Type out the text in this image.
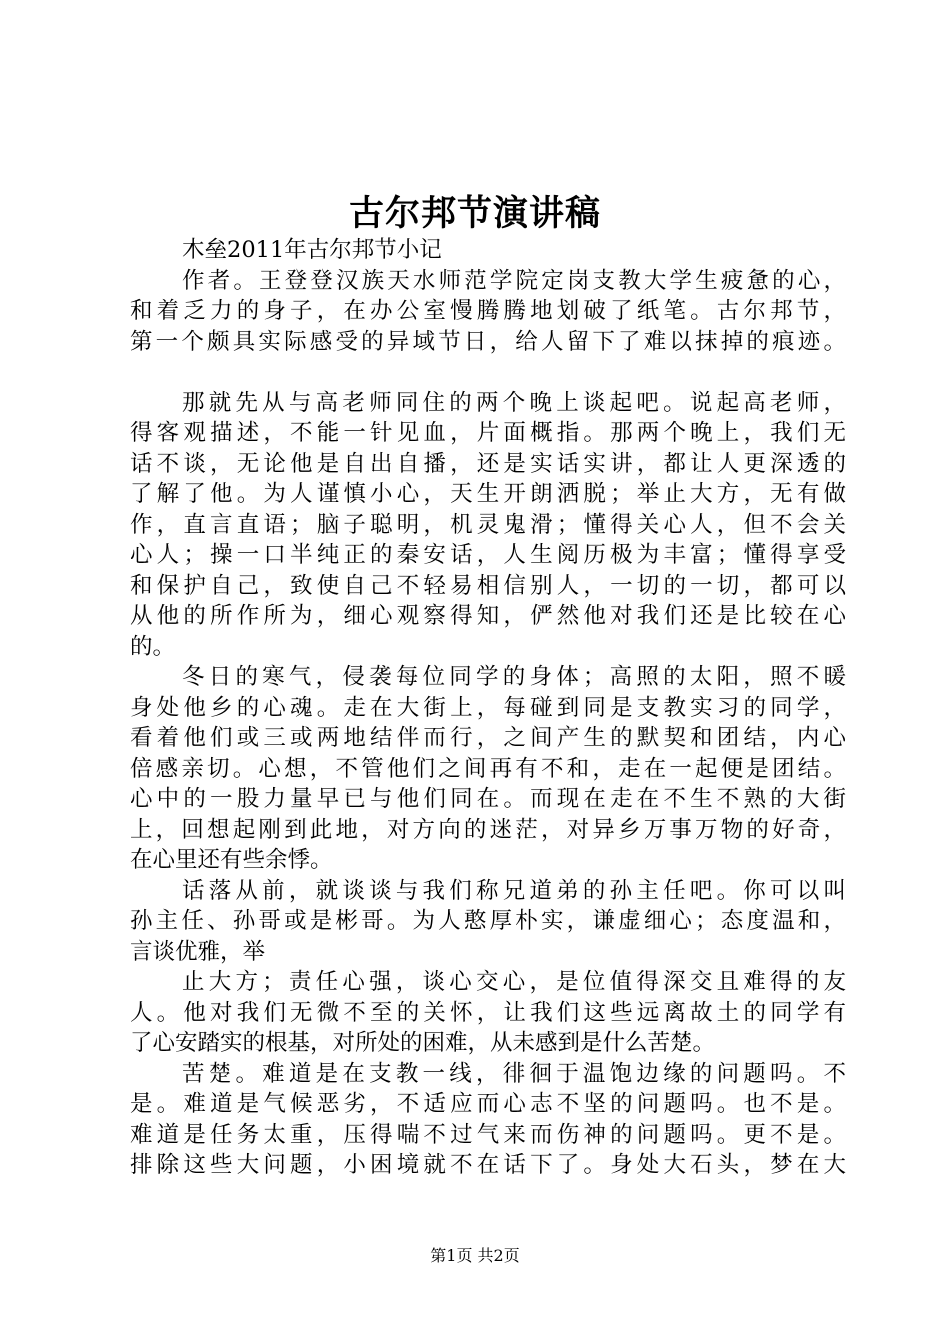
古尔邦节演讲稿
木垒2011年古尔邦节小记
作者。王登登汉族天水师范学院定岗支教大学生疲惫的心，
和着乏力的身子，在办公室慢腾腾地划破了纸笔。古尔邦节，
第一个颇具实际感受的异域节日，给人留下了难以抹掉的痕迹。
那就先从与高老师同住的两个晚上谈起吧。说起高老师，
得客观描述，不能一针见血，片面概指。那两个晚上，我们无
话不谈，无论他是自出自播，还是实话实讲，都让人更深透的
了解了他。为人谨慎小心，天生开朗洒脱；举止大方，无有做
作，直言直语；脑子聪明，机灵鬼滑；懂得关心人，但不会关
心人；操一口半纯正的秦安话，人生阅历极为丰富；懂得享受
和保护自己，致使自己不轻易相信别人，一切的一切，都可以
从他的所作所为，细心观察得知，俨然他对我们还是比较在心
的。
冬日的寒气，侵袭每位同学的身体；高照的太阳，照不暖
身处他乡的心魂。走在大街上，每碰到同是支教实习的同学，
看着他们或三或两地结伴而行，之间产生的默契和团结，内心
倍感亲切。心想，不管他们之间再有不和，走在一起便是团结。
心中的一股力量早已与他们同在。而现在走在不生不熟的大街
上，回想起刚到此地，对方向的迷茫，对异乡万事万物的好奇，
在心里还有些余悸。
话落从前，就谈谈与我们称兄道弟的孙主任吧。你可以叫
孙主任、孙哥或是彬哥。为人憨厚朴实，谦虚细心；态度温和，
言谈优雅，举
止大方；责任心强，谈心交心，是位值得深交且难得的友
人。他对我们无微不至的关怀，让我们这些远离故土的同学有
了心安踏实的根基，对所处的困难，从未感到是什么苦楚。
苦楚。难道是在支教一线，徘徊于温饱边缘的问题吗。不
是。难道是气候恶劣，不适应而心志不坚的问题吗。也不是。
难道是任务太重，压得喘不过气来而伤神的问题吗。更不是。
排除这些大问题，小困境就不在话下了。身处大石头，梦在大
第1页 共2页
